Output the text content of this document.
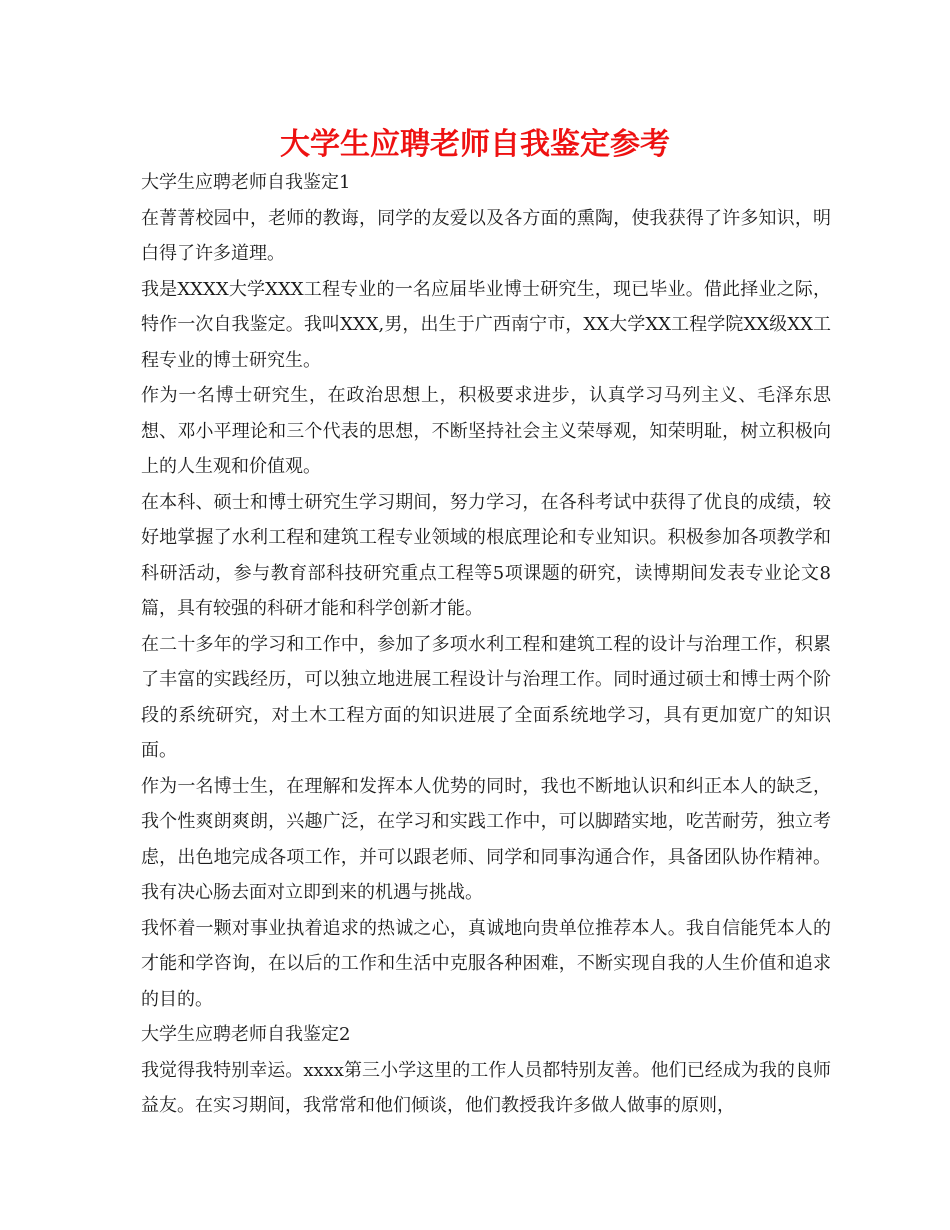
大学生应聘老师自我鉴定参考

大学生应聘老师自我鉴定1

在菁菁校园中，老师的教诲，同学的友爱以及各方面的熏陶，使我获得了许多知识，明白得了许多道理。

我是XXXX大学XXX工程专业的一名应届毕业博士研究生，现已毕业。借此择业之际，特作一次自我鉴定。我叫XXX,男，出生于广西南宁市，XX大学XX工程学院XX级XX工程专业的博士研究生。

作为一名博士研究生，在政治思想上，积极要求进步，认真学习马列主义、毛泽东思想、邓小平理论和三个代表的思想，不断坚持社会主义荣辱观，知荣明耻，树立积极向上的人生观和价值观。

在本科、硕士和博士研究生学习期间，努力学习，在各科考试中获得了优良的成绩，较好地掌握了水利工程和建筑工程专业领域的根底理论和专业知识。积极参加各项教学和科研活动，参与教育部科技研究重点工程等5项课题的研究，读博期间发表专业论文8篇，具有较强的科研才能和科学创新才能。

在二十多年的学习和工作中，参加了多项水利工程和建筑工程的设计与治理工作，积累了丰富的实践经历，可以独立地进展工程设计与治理工作。同时通过硕士和博士两个阶段的系统研究，对土木工程方面的知识进展了全面系统地学习，具有更加宽广的知识面。

作为一名博士生，在理解和发挥本人优势的同时，我也不断地认识和纠正本人的缺乏，我个性爽朗爽朗，兴趣广泛，在学习和实践工作中，可以脚踏实地，吃苦耐劳，独立考虑，出色地完成各项工作，并可以跟老师、同学和同事沟通合作，具备团队协作精神。我有决心肠去面对立即到来的机遇与挑战。

我怀着一颗对事业执着追求的热诚之心，真诚地向贵单位推荐本人。我自信能凭本人的才能和学咨询，在以后的工作和生活中克服各种困难，不断实现自我的人生价值和追求的目的。

大学生应聘老师自我鉴定2

我觉得我特别幸运。xxxx第三小学这里的工作人员都特别友善。他们已经成为我的良师益友。在实习期间，我常常和他们倾谈，他们教授我许多做人做事的原则，
